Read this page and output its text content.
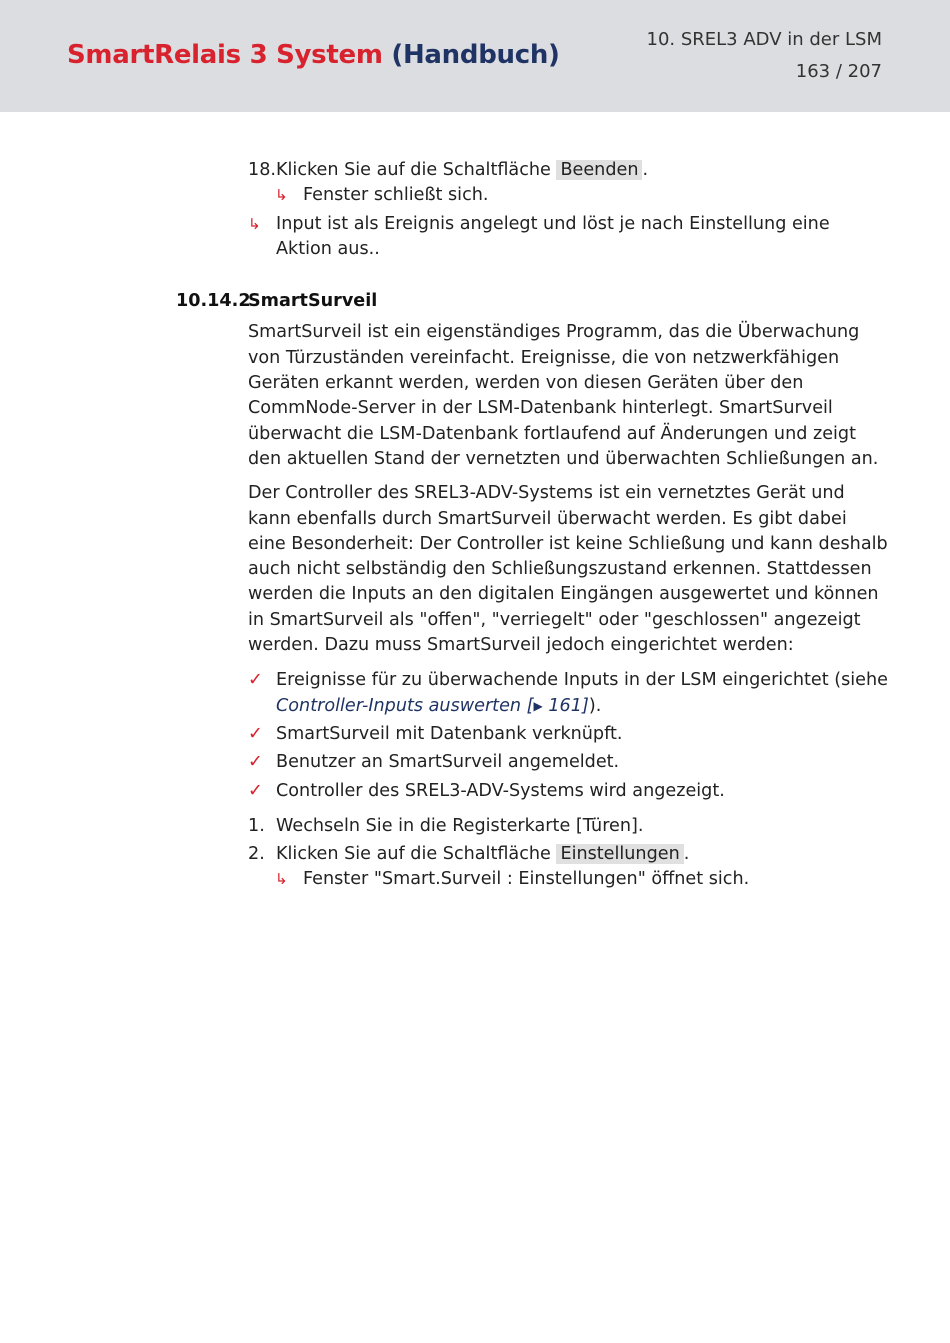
SmartRelais 3 System (Handbuch)
10. SREL3 ADV in der LSM
163 / 207
18. Klicken Sie auf die Schaltfläche Beenden .
↳ Fenster schließt sich.
↳ Input ist als Ereignis angelegt und löst je nach Einstellung eine Aktion aus..
10.14.2
SmartSurveil
SmartSurveil ist ein eigenständiges Programm, das die Überwachung von Türzuständen vereinfacht. Ereignisse, die von netzwerkfähigen Geräten erkannt werden, werden von diesen Geräten über den CommNode-Server in der LSM-Datenbank hinterlegt. SmartSurveil überwacht die LSM-Datenbank fortlaufend auf Änderungen und zeigt den aktuellen Stand der vernetzten und überwachten Schließungen an.
Der Controller des SREL3-ADV-Systems ist ein vernetztes Gerät und kann ebenfalls durch SmartSurveil überwacht werden. Es gibt dabei eine Besonderheit: Der Controller ist keine Schließung und kann deshalb auch nicht selbständig den Schließungszustand erkennen. Stattdessen werden die Inputs an den digitalen Eingängen ausgewertet und können in SmartSurveil als "offen", "verriegelt" oder "geschlossen" angezeigt werden. Dazu muss SmartSurveil jedoch eingerichtet werden:
✓ Ereignisse für zu überwachende Inputs in der LSM eingerichtet (siehe Controller-Inputs auswerten [▶ 161]).
✓ SmartSurveil mit Datenbank verknüpft.
✓ Benutzer an SmartSurveil angemeldet.
✓ Controller des SREL3-ADV-Systems wird angezeigt.
1. Wechseln Sie in die Registerkarte [Türen].
2. Klicken Sie auf die Schaltfläche Einstellungen .
↳ Fenster "Smart.Surveil : Einstellungen" öffnet sich.
